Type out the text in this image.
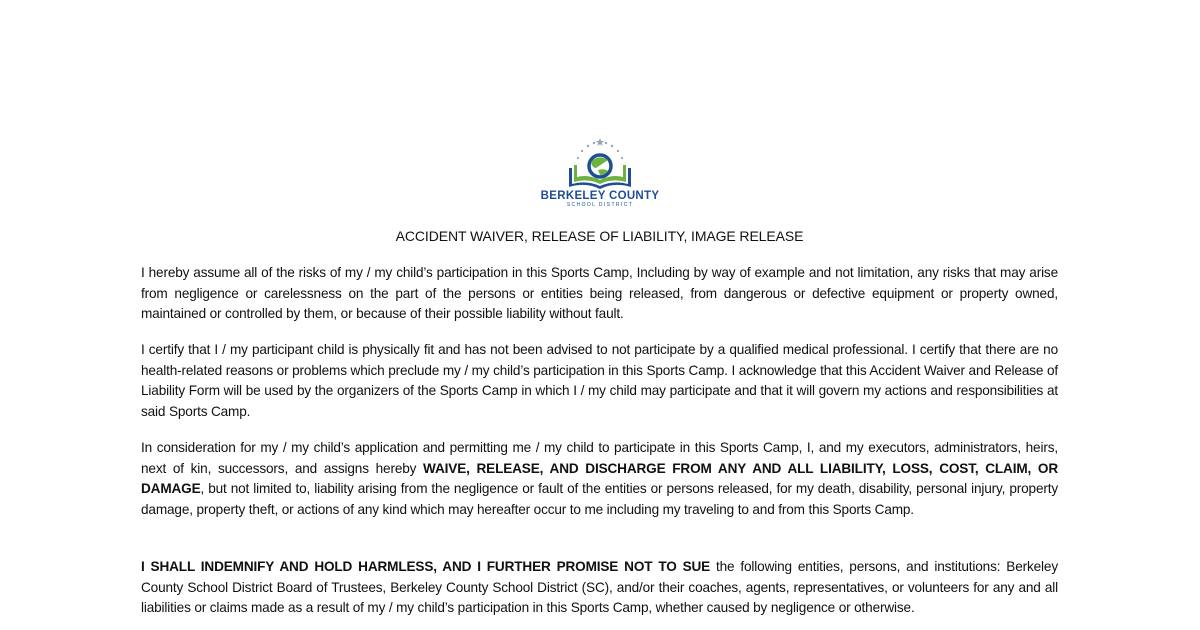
BERKELEY COUNTY
SCHOOL DISTRICT
ACCIDENT WAIVER, RELEASE OF LIABILITY, IMAGE RELEASE

I hereby assume all of the risks of my / my child’s participation in this Sports Camp, Including by way of example and not limitation, any risks that may arise from negligence or carelessness on the part of the persons or entities being released, from dangerous or defective equipment or property owned, maintained or controlled by them, or because of their possible liability without fault.

I certify that I / my participant child is physically fit and has not been advised to not participate by a qualified medical professional. I certify that there are no health-related reasons or problems which preclude my / my child’s participation in this Sports Camp. I acknowledge that this Accident Waiver and Release of Liability Form will be used by the organizers of the Sports Camp in which I / my child may participate and that it will govern my actions and responsibilities at said Sports Camp.

In consideration for my / my child’s application and permitting me / my child to participate in this Sports Camp, I, and my executors, administrators, heirs, next of kin, successors, and assigns hereby WAIVE, RELEASE, AND DISCHARGE FROM ANY AND ALL LIABILITY, LOSS, COST, CLAIM, OR DAMAGE, but not limited to, liability arising from the negligence or fault of the entities or persons released, for my death, disability, personal injury, property damage, property theft, or actions of any kind which may hereafter occur to me including my traveling to and from this Sports Camp.

I SHALL INDEMNIFY AND HOLD HARMLESS, AND I FURTHER PROMISE NOT TO SUE the following entities, persons, and institutions: Berkeley County School District Board of Trustees, Berkeley County School District (SC), and/or their coaches, agents, representatives, or volunteers for any and all liabilities or claims made as a result of my / my child’s participation in this Sports Camp, whether caused by negligence or otherwise.
